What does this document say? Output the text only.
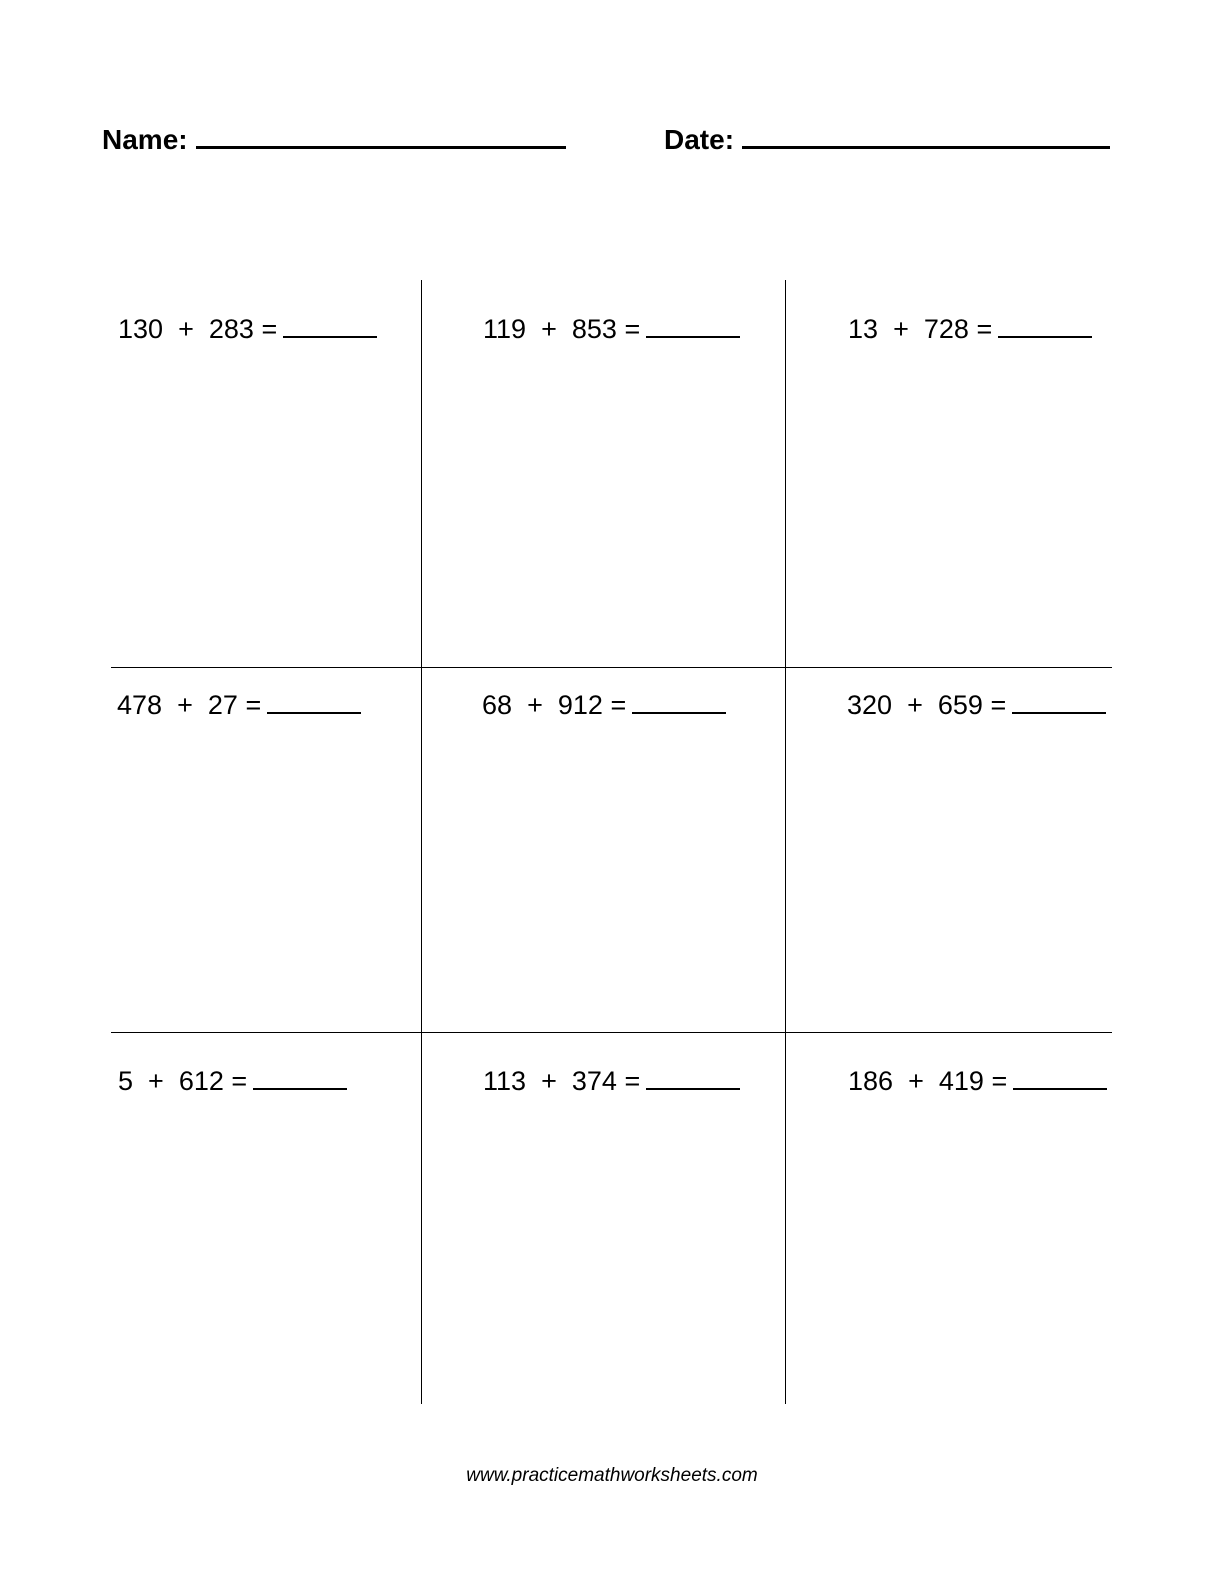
Name:	Date:
130 + 283 =	119 + 853 =	13 + 728 =
478 + 27 =	68 + 912 =	320 + 659 =
5 + 612 =	113 + 374 =	186 + 419 =
www.practicemathworksheets.com
